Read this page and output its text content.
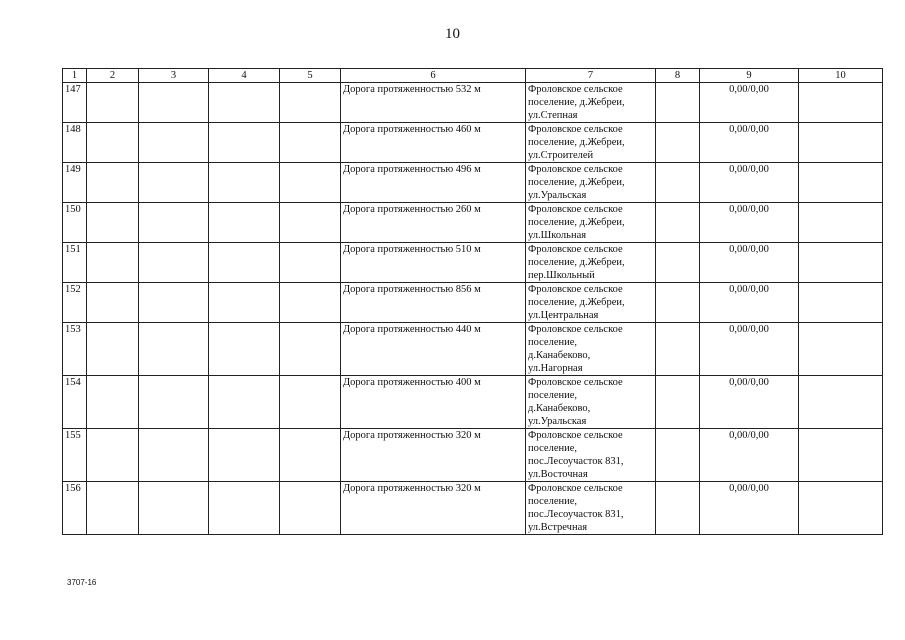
10
1	2	3	4	5	6	7	8	9	10
147					Дорога протяженностью 532 м	Фроловское сельское
поселение, д.Жебреи,
ул.Степная		0,00/0,00	
148					Дорога протяженностью 460 м	Фроловское сельское
поселение, д.Жебреи,
ул.Строителей		0,00/0,00	
149					Дорога протяженностью 496 м	Фроловское сельское
поселение, д.Жебреи,
ул.Уральская		0,00/0,00	
150					Дорога протяженностью 260 м	Фроловское сельское
поселение, д.Жебреи,
ул.Школьная		0,00/0,00	
151					Дорога протяженностью 510 м	Фроловское сельское
поселение, д.Жебреи,
пер.Школьный		0,00/0,00	
152					Дорога протяженностью 856 м	Фроловское сельское
поселение, д.Жебреи,
ул.Центральная		0,00/0,00	
153					Дорога протяженностью 440 м	Фроловское сельское
поселение,
д.Канабеково,
ул.Нагорная		0,00/0,00	
154					Дорога протяженностью 400 м	Фроловское сельское
поселение,
д.Канабеково,
ул.Уральская		0,00/0,00	
155					Дорога протяженностью 320 м	Фроловское сельское
поселение,
пос.Лесоучасток 831,
ул.Восточная		0,00/0,00	
156					Дорога протяженностью 320 м	Фроловское сельское
поселение,
пос.Лесоучасток 831,
ул.Встречная		0,00/0,00	
3707-16
